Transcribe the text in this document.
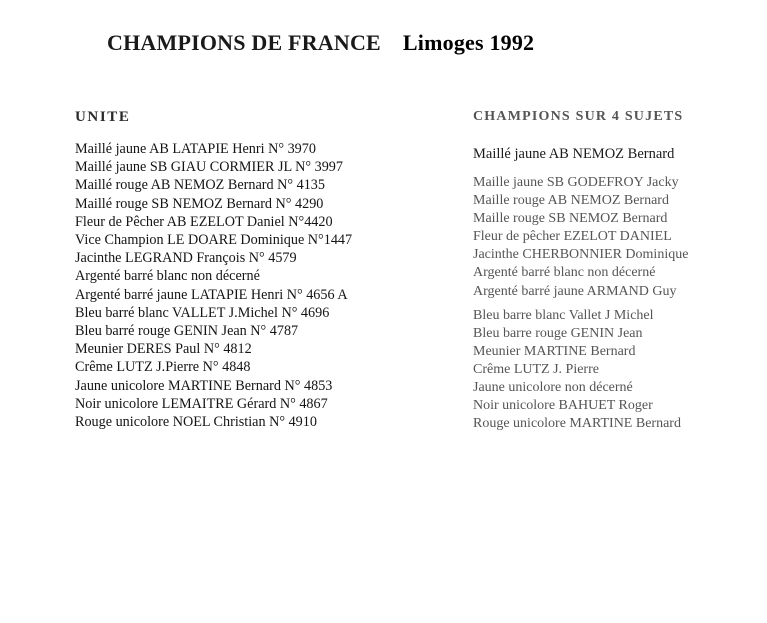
CHAMPIONS DE FRANCE Limoges 1992
UNITE
Maillé jaune AB LATAPIE Henri N° 3970
Maillé jaune SB GIAU CORMIER JL N° 3997
Maillé rouge AB NEMOZ Bernard N° 4135
Maillé rouge SB NEMOZ Bernard N° 4290
Fleur de Pêcher AB EZELOT Daniel N°4420
Vice Champion LE DOARE Dominique N°1447
Jacinthe LEGRAND François N° 4579
Argenté barré blanc non décerné
Argenté barré jaune LATAPIE Henri N° 4656 A
Bleu barré blanc VALLET J.Michel N° 4696
Bleu barré rouge GENIN Jean N° 4787
Meunier DERES Paul N° 4812
Crême LUTZ J.Pierre N° 4848
Jaune unicolore MARTINE Bernard N° 4853
Noir unicolore LEMAITRE Gérard N° 4867
Rouge unicolore NOEL Christian N° 4910
CHAMPIONS SUR 4 SUJETS
Maillé jaune AB NEMOZ Bernard
Maille jaune SB GODEFROY Jacky
Maille rouge AB NEMOZ Bernard
Maille rouge SB NEMOZ Bernard
Fleur de pêcher EZELOT DANIEL
Jacinthe CHERBONNIER Dominique
Argenté barré blanc non décerné
Argenté barré jaune ARMAND Guy
Bleu barre blanc Vallet J Michel
Bleu barre rouge GENIN Jean
Meunier MARTINE Bernard
Crême LUTZ J. Pierre
Jaune unicolore non décerné
Noir unicolore BAHUET Roger
Rouge unicolore MARTINE Bernard
